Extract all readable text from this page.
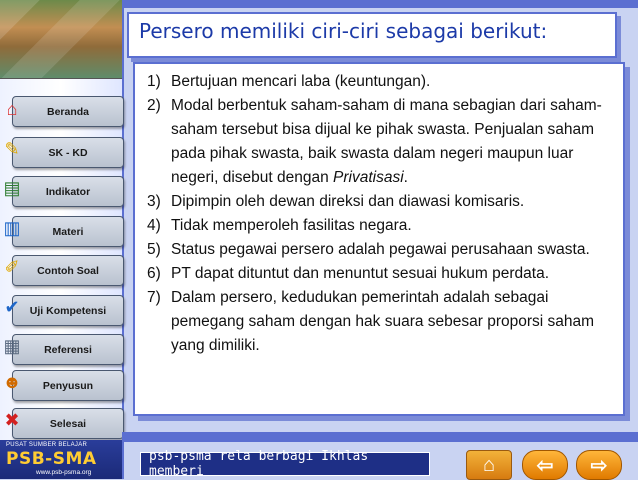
Beranda
⌂
SK - KD
✎
Indikator
▤
Materi
▥
Contoh Soal
✐
Uji Kompetensi
✔
Referensi
▦
Penyusun
☻
Selesai
✖
PUSAT SUMBER BELAJAR
PSB-SMA
www.psb-psma.org
Persero memiliki ciri-ciri sebagai berikut:
1) Bertujuan mencari laba (keuntungan).
2) Modal berbentuk saham-saham di mana sebagian dari saham-saham tersebut bisa dijual ke pihak swasta. Penjualan saham pada pihak swasta, baik swasta dalam negeri maupun luar negeri, disebut dengan Privatisasi.
3) Dipimpin oleh dewan direksi dan diawasi komisaris.
4) Tidak memperoleh fasilitas negara.
5) Status pegawai persero adalah pegawai perusahaan swasta.
6) PT dapat dituntut dan menuntut sesuai hukum perdata.
7) Dalam persero, kedudukan pemerintah adalah sebagai pemegang saham dengan hak suara sebesar proporsi saham yang dimiliki.
psb-psma rela berbagi Ikhlas memberi	⌂ ⇦ ⇨
